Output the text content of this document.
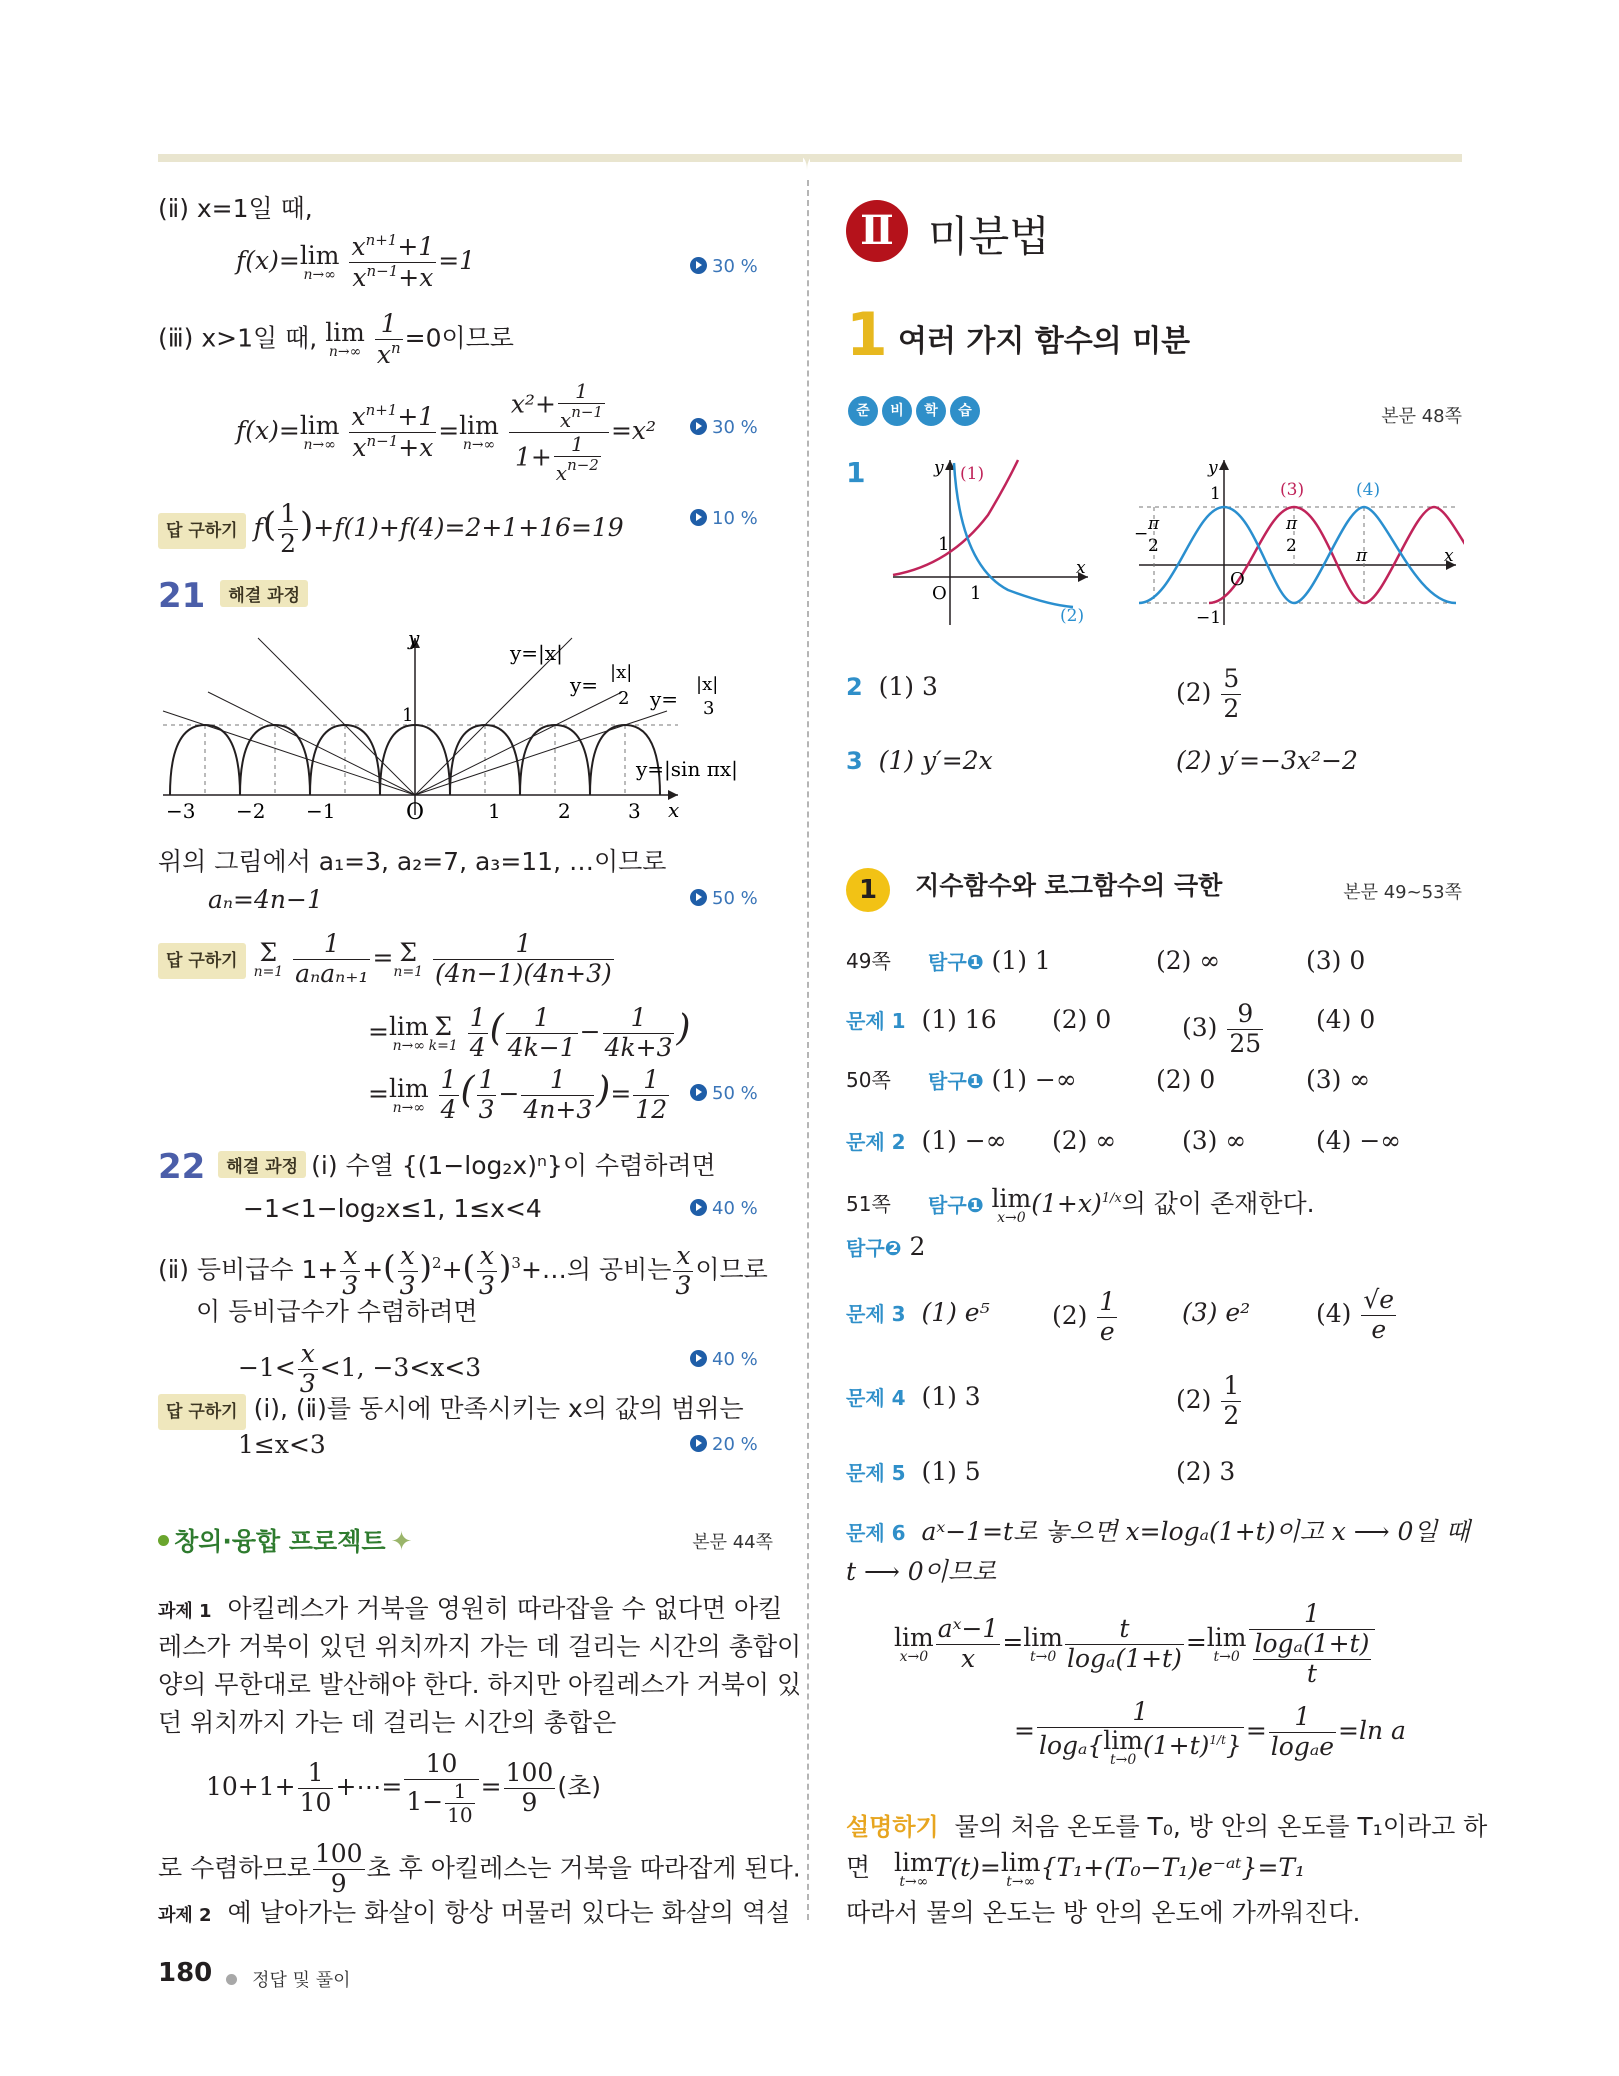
(ⅱ) x=1일 때,
f(x)=lim
n→∞
$\frac{x^{n+1}+1}{x^{n-1}+x} =1$	30 %
(ⅲ) x>1일 때, lim
n→∞
$\frac{1}{x^n} =0$이므로
f(x)=lim
n→∞
$\frac{x^{n+1}+1}{x^{n-1}+x} =\lim$
n→∞
$\frac{x^2+ \frac{1}{x^{n-1}}}{1+ \frac{1}{x^{n-2}}} =x^2$	30 %
답 구하기 $f( \frac{1}{2} )+f(1)+f(4)=2+1+16=19$	10 %
21 해결 과정
y
y=|x|
y=
|x|
2 y=
|x|
3
y=|sin πx|
1
x
O
−3 −2 −1	1	2	3
위의 그림에서 a₁=3, a₂=7, a₃=11, …이므로
aₙ=4n−1	50 %
답 구하기 Σ
n=1
$\frac{1}{\text{aₙaₙ₊₁}} = \Sigma$
n=1
$\frac{1}{(4n-1)(4n+3)}$
=lim
n→∞
Σ
k=1
$\frac{1}{4}$ ( $\frac{1}{4k-1} - \frac{1}{4k+3}$ )
=lim
n→∞
$\frac{1}{4}$ ( $\frac{1}{3} - \frac{1}{4n+3}$ )= $\frac{1}{12}$	50 %
22 해결 과정 (ⅰ) 수열 {(1−log₂x)ⁿ}이 수렴하려면
−1<1−log₂x≤1, 1≤x<4	40 %
(ⅱ) 등비급수 $1+ \frac{x}{3}$ +( $\frac{x}{3} )^2+( \frac{x}{3}$ )$^3+\dots$의 공비는 $\frac{x}{3}$ 이므로
이 등비급수가 수렴하려면
$-1< \frac{x}{3} <1$, −3<x<3	40 %
답 구하기 (ⅰ), (ⅱ)를 동시에 만족시키는 x의 값의 범위는
1≤x<3	20 %
창의·융합 프로젝트 ✦	본문 44쪽
과제 1 아킬레스가 거북을 영원히 따라잡을 수 없다면 아킬
레스가 거북이 있던 위치까지 가는 데 걸리는 시간의 총합이
양의 무한대로 발산해야 한다. 하지만 아킬레스가 거북이 있
던 위치까지 가는 데 걸리는 시간의 총합은
$10+1+ \frac{1}{10}$ +⋯= $\frac{10}{1- \frac{1}{10}} = \frac{100}{9}$ (초)
로 수렴하므로 $\frac{100}{9}$ 초 후 아킬레스는 거북을 따라잡게 된다.
과제 2 예 날아가는 화살이 항상 머물러 있다는 화살의 역설
180	정답 및 풀이
Ⅱ 미분법
1 여러 가지 함수의 미분
준	비	학	습	본문 48쪽
1	y (1)
1
O 1
x
(2)
y
1	(3)	(4)
− π
2
π
2	π
O
x
−1
2 (1) 3	$(2) \frac{5}{2}$
3 (1) y′=2x	(2) y′=−3x²−2
1 지수함수와 로그함수의 극한	본문 49~53쪽
49쪽 탐구❶ (1) 1	(2) ∞	(3) 0
문제 1 (1) 16 (2) 0	$(3) \frac{9}{25} (4)$ 0
50쪽 탐구❶ (1) −∞	(2) 0	(3) ∞
문제 2 (1) −∞ (2) ∞	(3) ∞	(4) −∞
51쪽 탐구❶ lim
x→0 $(1+x)^{1/x}$의 값이 존재한다.
탐구❷ 2
문제 3 (1) e⁵ $(2) \frac{1}{e}$	(3) e²	$(4) \frac{√e}{e}$
문제 4 (1) 3	$(2) \frac{1}{2}$
문제 5 (1) 5	(2) 3
문제 6 aˣ−1=t로 놓으면 x=logₐ(1+t)이고 x ⟶ 0일 때
t ⟶ 0이므로
lim
$x\to 0 \frac{\text{aˣ−1}}{x} =\lim$
$t\to 0 \frac{t}{\text{logₐ(1+t)}} =\lim$
$t\to 0 \frac{1}{\frac{\text{logₐ(1+t)}}{t}}$
= 1
logₐ{lim
t→0 $(1+t)^{1/t}\} = \frac{1}{\text{logₐe}} =\ln$ a
설명하기 물의 처음 온도를 T₀, 방 안의 온도를 T₁이라고 하
면 lim
t→∞ T(t)=lim
t→∞ {T₁+(T₀−T₁)e⁻ᵃᵗ}=T₁
따라서 물의 온도는 방 안의 온도에 가까워진다.
